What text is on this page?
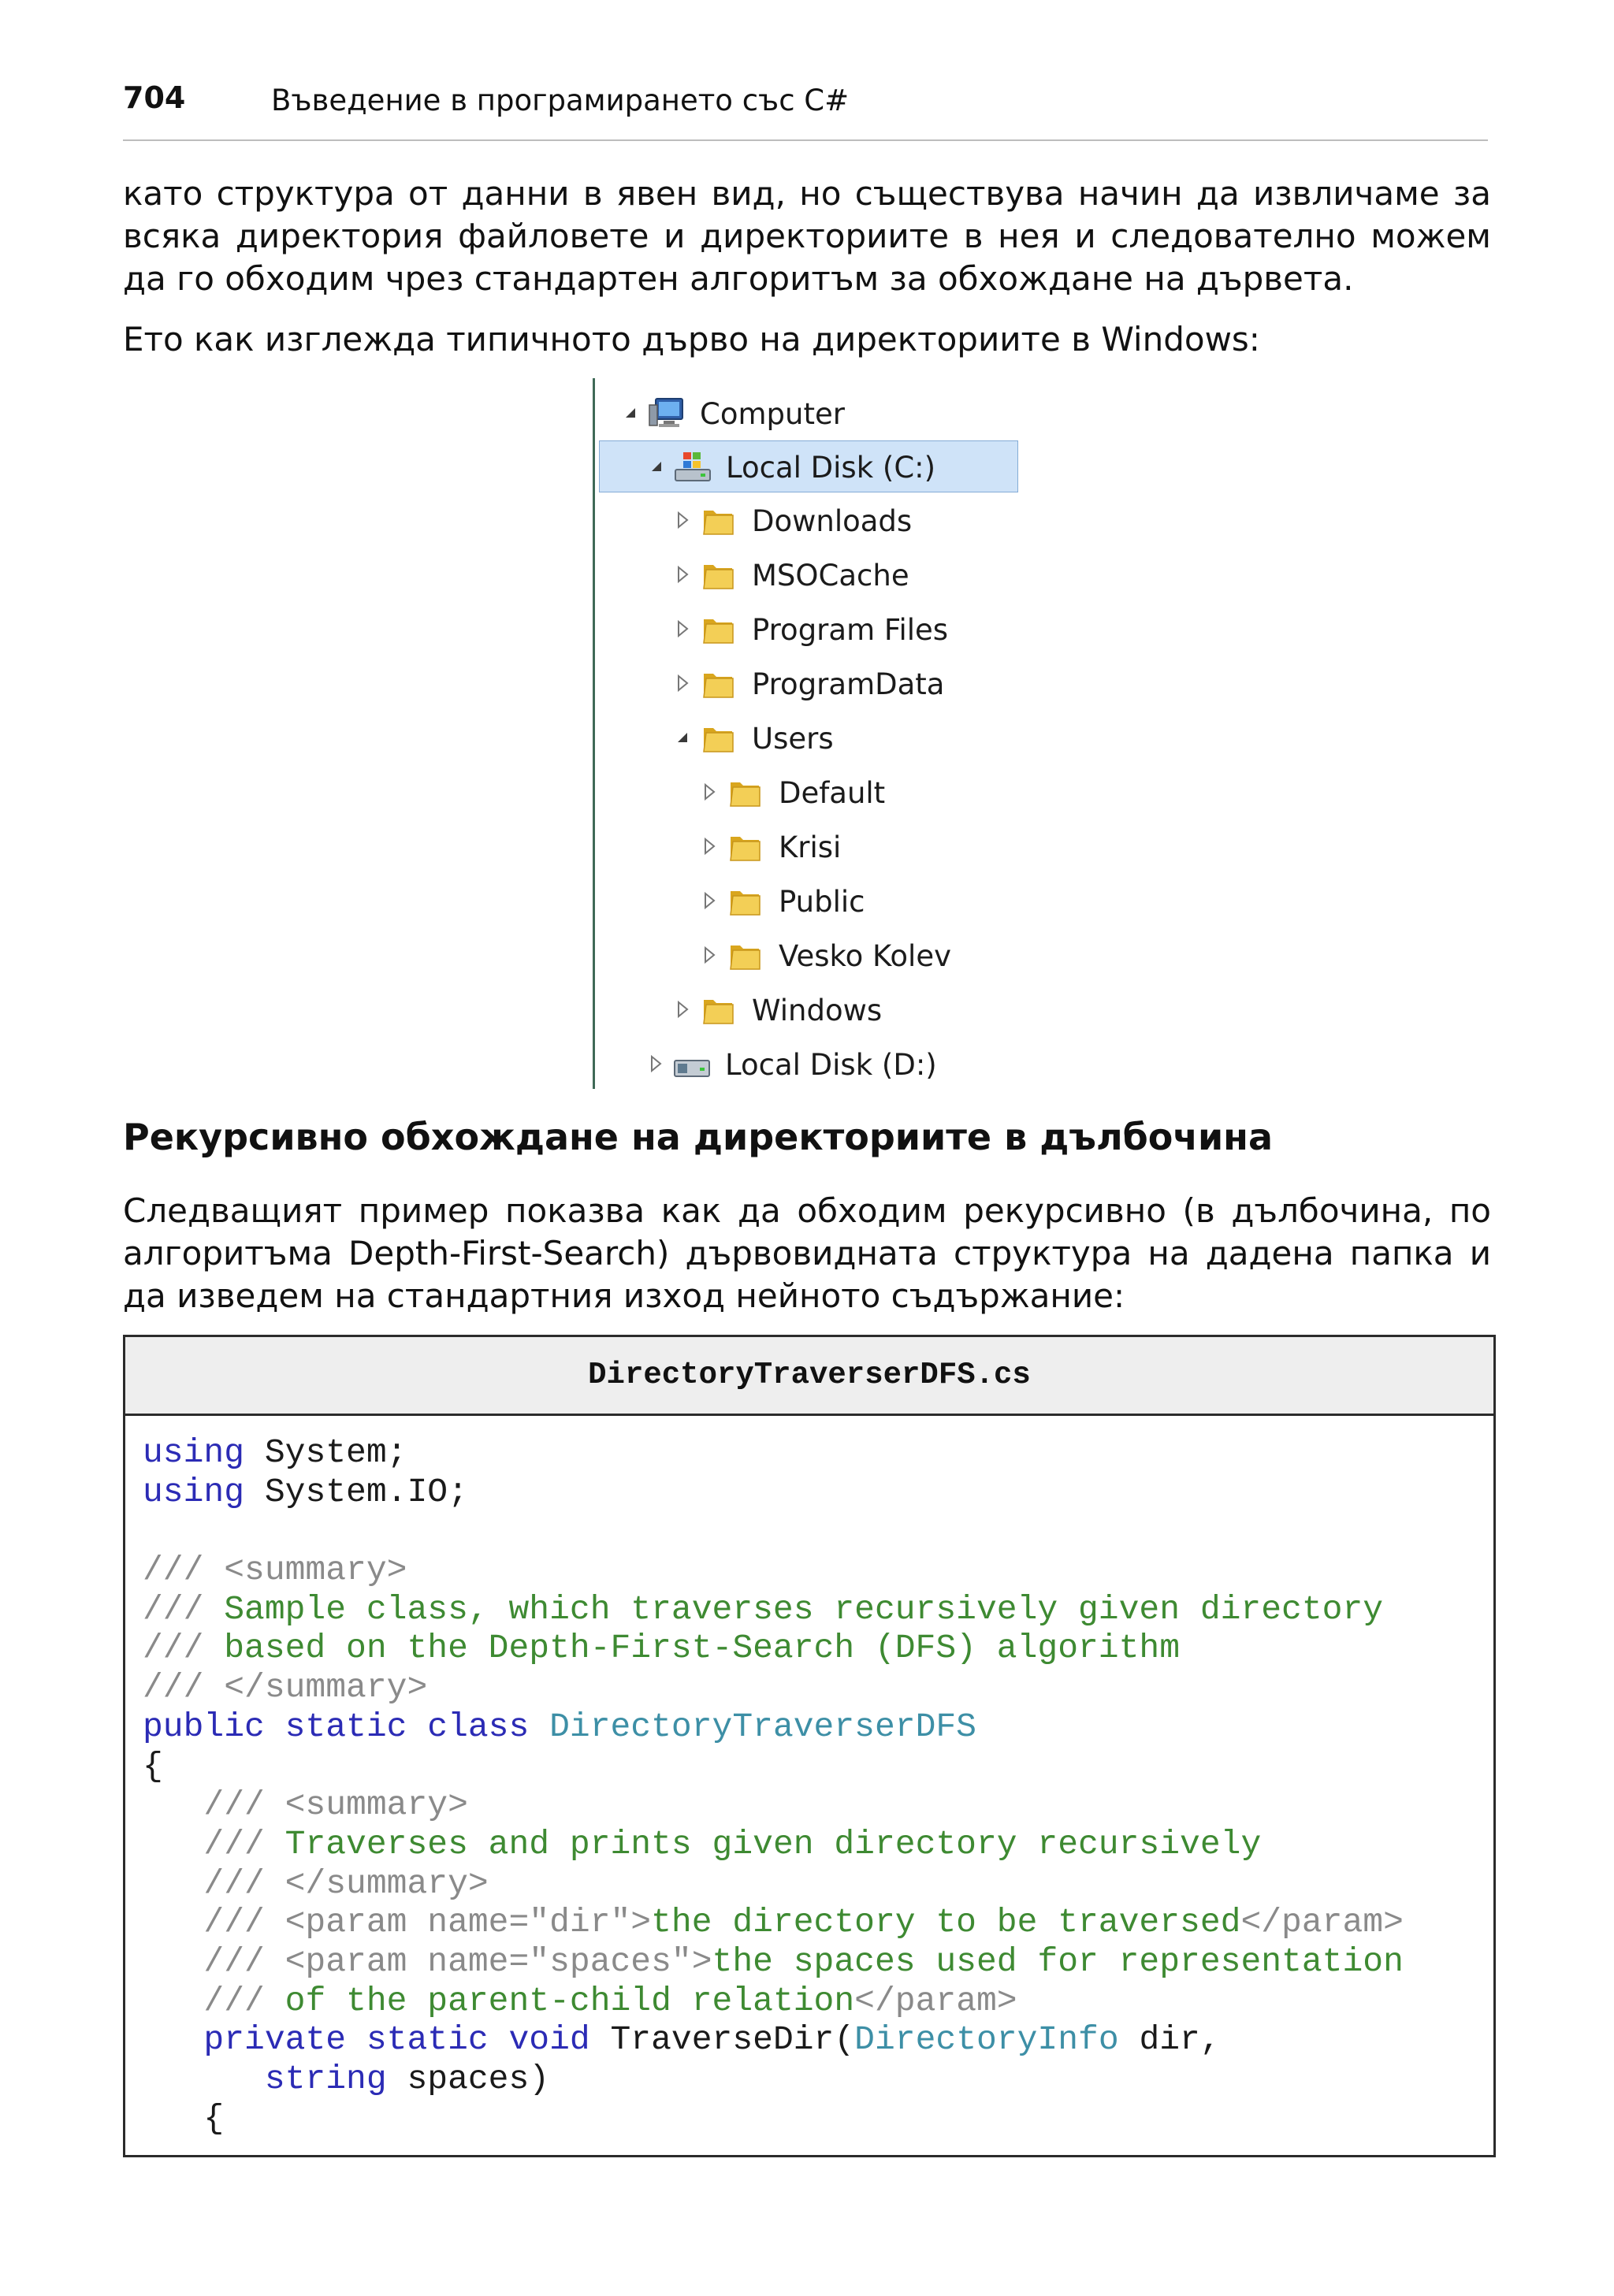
704	Въведение в програмирането със C#

като структура от данни в явен вид, но съществува начин да извличаме за
всяка директория файловете и директориите в нея и следователно можем
да го обходим чрез стандартен алгоритъм за обхождане на дървета.

Ето как изглежда типичното дърво на директориите в Windows:

Computer
Local Disk (C:)
Downloads
MSOCache
Program Files
ProgramData
Users
Default
Krisi
Public
Vesko Kolev
Windows
Local Disk (D:)
Рекурсивно обхождане на директориите в дълбочина

Следващият пример показва как да обходим рекурсивно (в дълбочина, по
алгоритъма Depth-First-Search) дървовидната структура на дадена папка и
да изведем на стандартния изход нейното съдържание:

DirectoryTraverserDFS.cs
using System;
using System.IO;

/// <summary>
/// Sample class, which traverses recursively given directory
/// based on the Depth-First-Search (DFS) algorithm
/// </summary>
public static class DirectoryTraverserDFS
{
/// <summary>
/// Traverses and prints given directory recursively
/// </summary>
/// <param name="dir">the directory to be traversed</param>
/// <param name="spaces">the spaces used for representation
/// of the parent-child relation</param>
private static void TraverseDir(DirectoryInfo dir,
string spaces)
{
